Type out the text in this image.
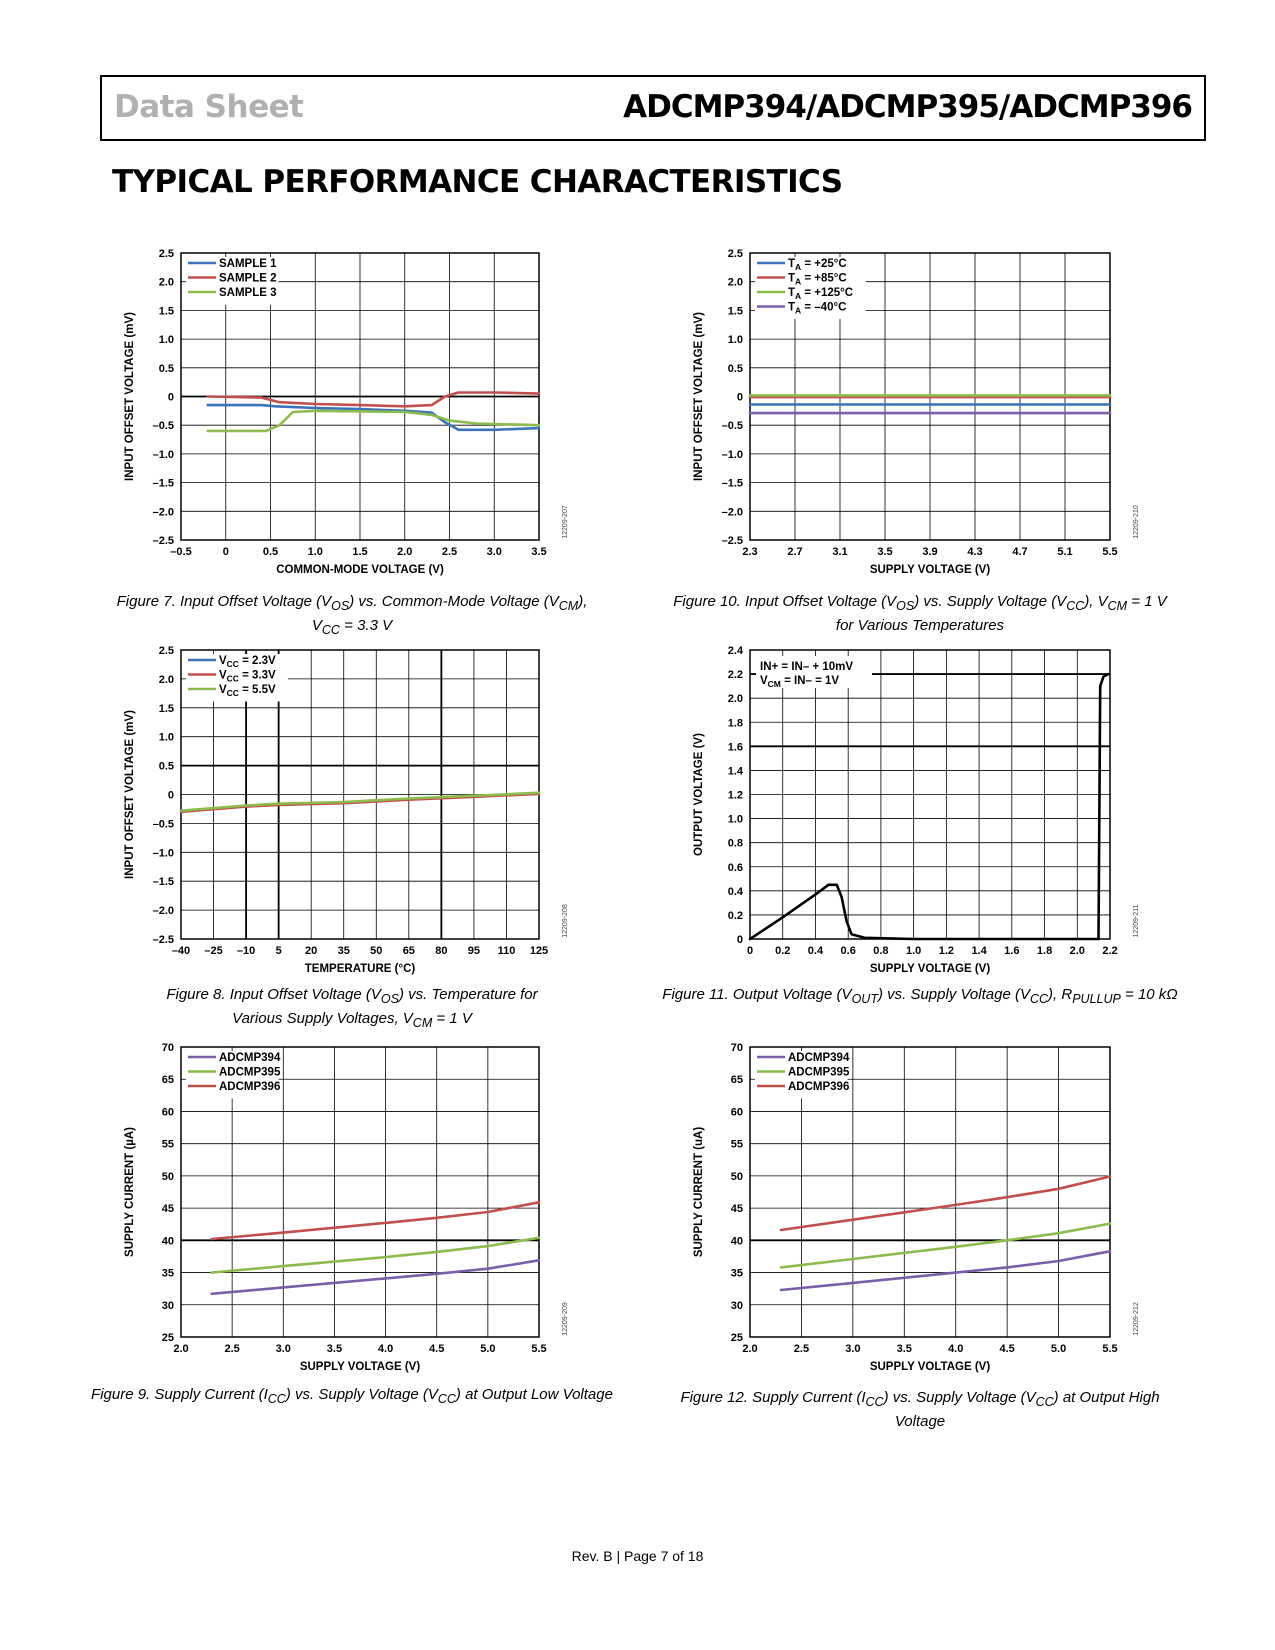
Data Sheet	ADCMP394/ADCMP395/ADCMP396
TYPICAL PERFORMANCE CHARACTERISTICS
–0.5	0	0.5	1.0	1.5	2.0	2.5	3.0	3.5
–2.5
–2.0
–1.5
–1.0
–0.5
0
0.5
1.0
1.5
2.0
2.5
COMMON-MODE VOLTAGE (V)
INPUT OFFSET VOLTAGE (mV)
12209-207
SAMPLE 1
SAMPLE 2
SAMPLE 3
Figure 7. Input Offset Voltage $(V_{OS})$ vs. Common-Mode Voltage $(V_{CM})$,
$V_{CC} = 3.3$ V
–40 –25 –10 5 20 35 50 65 80 95 110 125
–2.5
–2.0
–1.5
–1.0
–0.5
0
0.5
1.0
1.5
2.0
2.5
TEMPERATURE (°C)
INPUT OFFSET VOLTAGE (mV)
12209-208
$V_{CC} = 2.3V$
$V_{CC} = 3.3V$
$V_{CC} = 5.5V$
Figure 8. Input Offset Voltage $(V_{OS})$ vs. Temperature for
Various Supply Voltages, $V_{CM} = 1$ V
2.0	2.5	3.0	3.5	4.0	4.5	5.0	5.5
25
30
35
40
45
50
55
60
65
70
SUPPLY VOLTAGE (V)
SUPPLY CURRENT (µA)
12209-209
ADCMP394
ADCMP395
ADCMP396
Figure 9. Supply Current $(I_{CC})$ vs. Supply Voltage $(V_{CC})$ at Output Low Voltage
2.3	2.7	3.1	3.5	3.9	4.3	4.7	5.1	5.5
–2.5
–2.0
–1.5
–1.0
–0.5
0
0.5
1.0
1.5
2.0
2.5
SUPPLY VOLTAGE (V)
INPUT OFFSET VOLTAGE (mV)
12209-210
$T_A = +25^\circ C$
$T_A = +85^\circ C$
$T_A = +125^\circ C$
$T_A = -40^\circ C$
Figure 10. Input Offset Voltage $(V_{OS})$ vs. Supply Voltage $(V_{CC})$, $V_{CM} = 1$ V
for Various Temperatures
0 0.2 0.4 0.6 0.8 1.0 1.2 1.4 1.6 1.8 2.0 2.2
0
0.2
0.4
0.6
0.8
1.0
1.2
1.4
1.6
1.8
2.0
2.2
2.4
SUPPLY VOLTAGE (V)
OUTPUT VOLTAGE (V)
12209-211
IN+ = IN– + 10mV
$V_{CM} = IN- = 1V$
Figure 11. Output Voltage $(V_{OUT})$ vs. Supply Voltage $(V_{CC})$, $R_{PULLUP} = 10$ kΩ
2.0	2.5	3.0	3.5	4.0	4.5	5.0	5.5
25
30
35
40
45
50
55
60
65
70
SUPPLY VOLTAGE (V)
SUPPLY CURRENT (uA)
12209-212
ADCMP394
ADCMP395
ADCMP396
Figure 12. Supply Current $(I_{CC})$ vs. Supply Voltage $(V_{CC})$ at Output High
Voltage
Rev. B | Page 7 of 18
